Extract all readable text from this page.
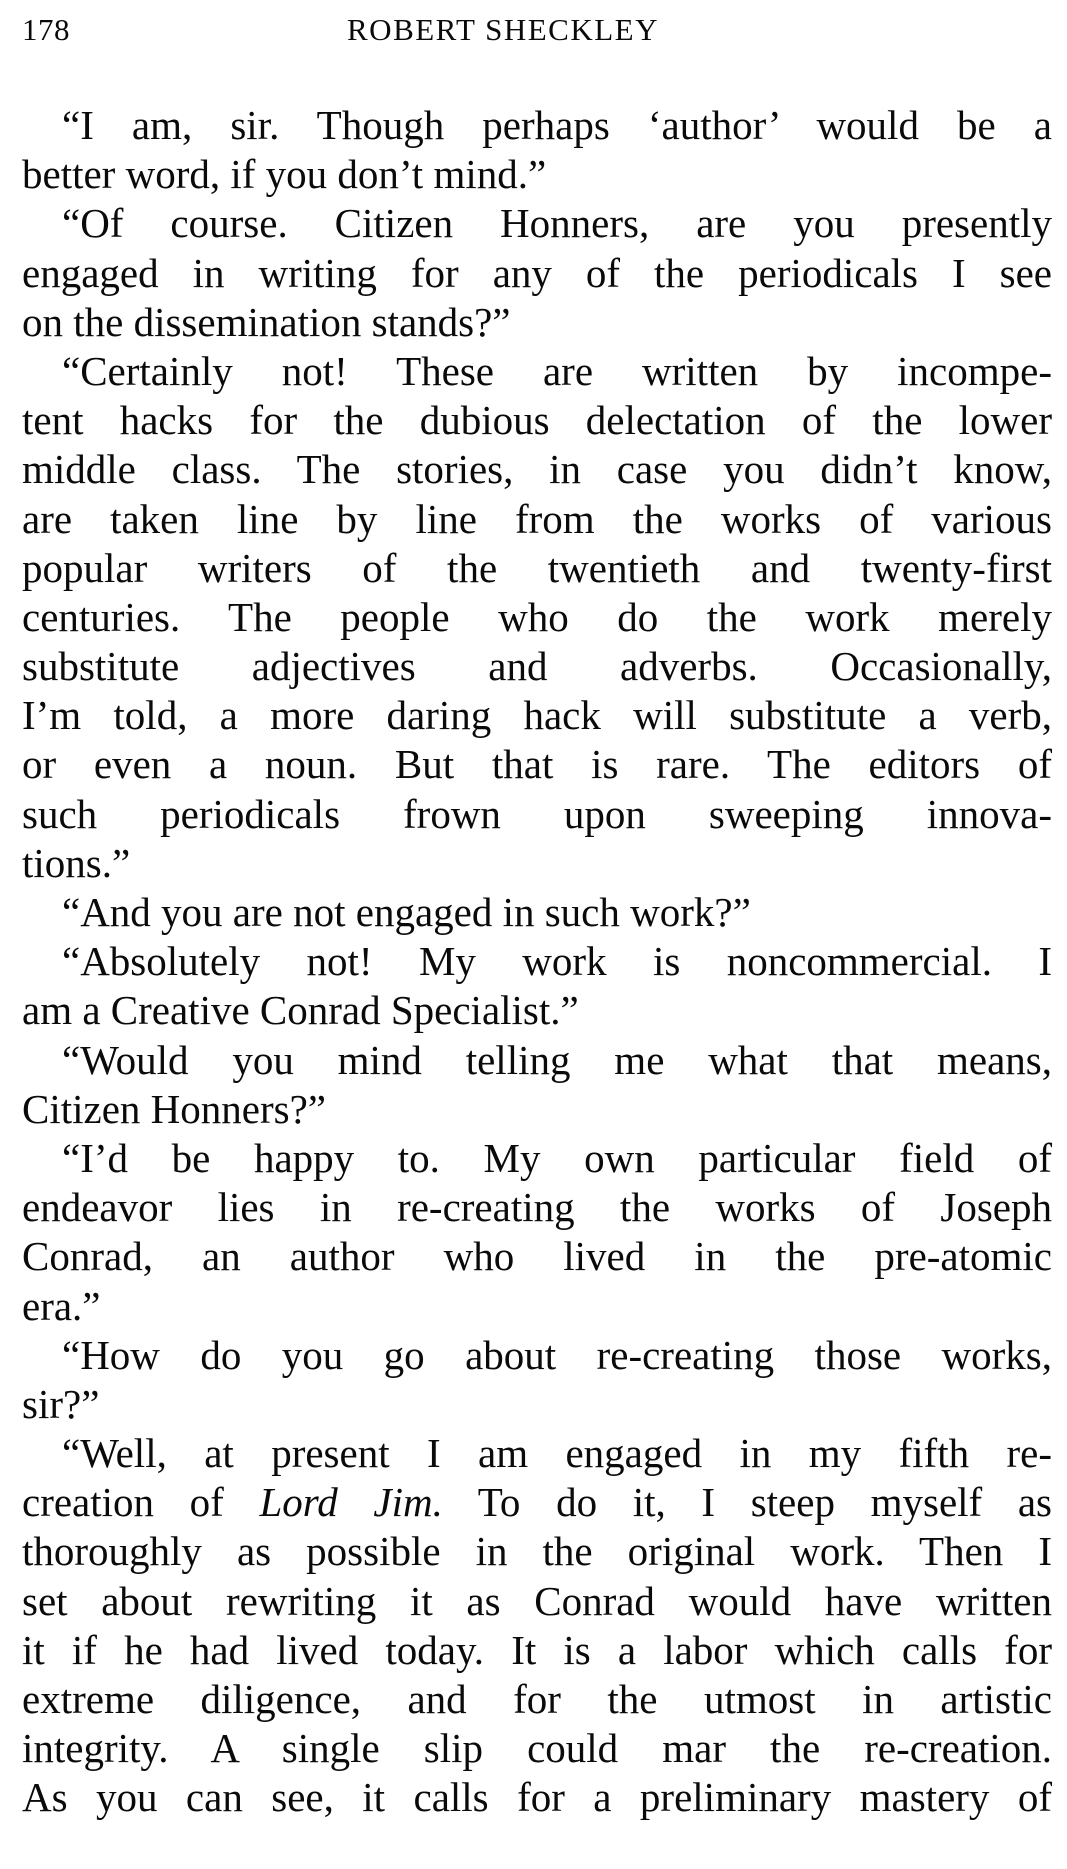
178	ROBERT SHECKLEY
“I am, sir. Though perhaps ‘author’ would be a
better word, if you don’t mind.”
“Of course. Citizen Honners, are you presently
engaged in writing for any of the periodicals I see
on the dissemination stands?”
“Certainly not! These are written by incompe-
tent hacks for the dubious delectation of the lower
middle class. The stories, in case you didn’t know,
are taken line by line from the works of various
popular writers of the twentieth and twenty-first
centuries. The people who do the work merely
substitute adjectives and adverbs. Occasionally,
I’m told, a more daring hack will substitute a verb,
or even a noun. But that is rare. The editors of
such periodicals frown upon sweeping innova-
tions.”
“And you are not engaged in such work?”
“Absolutely not! My work is noncommercial. I
am a Creative Conrad Specialist.”
“Would you mind telling me what that means,
Citizen Honners?”
“I’d be happy to. My own particular field of
endeavor lies in re-creating the works of Joseph
Conrad, an author who lived in the pre-atomic
era.”
“How do you go about re-creating those works,
sir?”
“Well, at present I am engaged in my fifth re-
creation of Lord Jim. To do it, I steep myself as
thoroughly as possible in the original work. Then I
set about rewriting it as Conrad would have written
it if he had lived today. It is a labor which calls for
extreme diligence, and for the utmost in artistic
integrity. A single slip could mar the re-creation.
As you can see, it calls for a preliminary mastery of
